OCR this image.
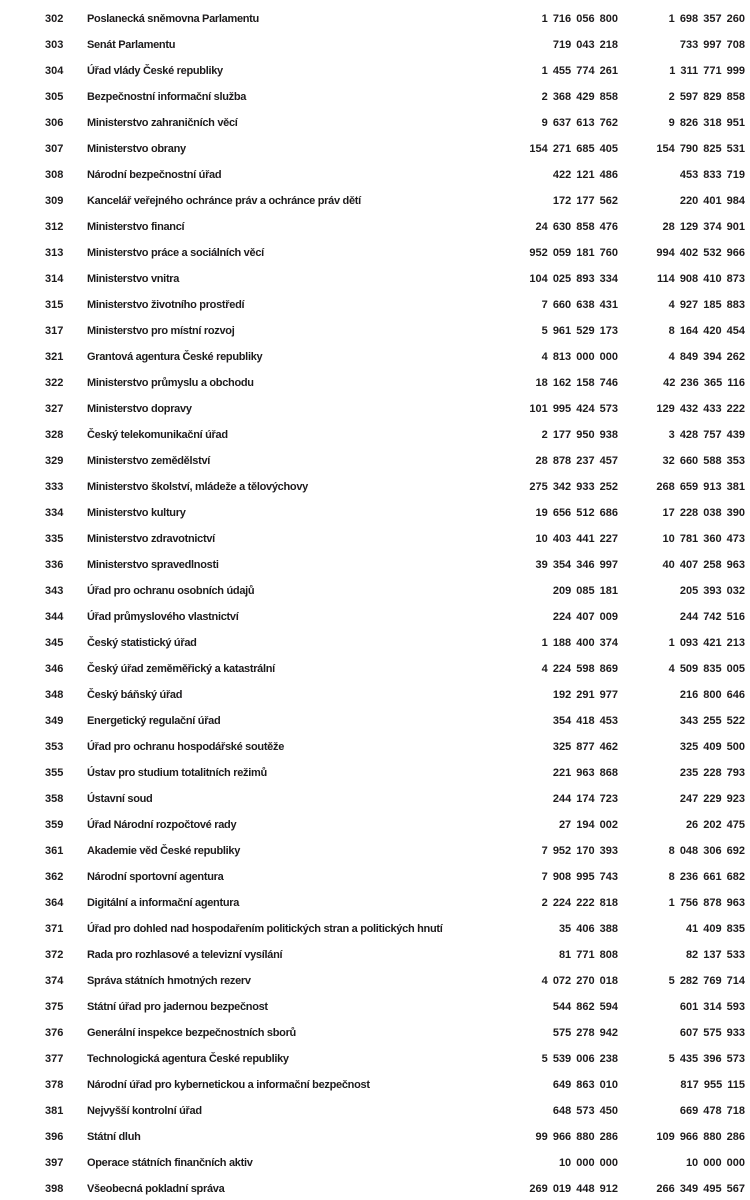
302	Poslanecká sněmovna Parlamentu	1 716 056 800	1 698 357 260
303	Senát Parlamentu	719 043 218	733 997 708
304	Úřad vlády České republiky	1 455 774 261	1 311 771 999
305	Bezpečnostní informační služba	2 368 429 858	2 597 829 858
306	Ministerstvo zahraničních věcí	9 637 613 762	9 826 318 951
307	Ministerstvo obrany	154 271 685 405	154 790 825 531
308	Národní bezpečnostní úřad	422 121 486	453 833 719
309	Kancelář veřejného ochránce práv a ochránce práv dětí	172 177 562	220 401 984
312	Ministerstvo financí	24 630 858 476	28 129 374 901
313	Ministerstvo práce a sociálních věcí	952 059 181 760	994 402 532 966
314	Ministerstvo vnitra	104 025 893 334	114 908 410 873
315	Ministerstvo životního prostředí	7 660 638 431	4 927 185 883
317	Ministerstvo pro místní rozvoj	5 961 529 173	8 164 420 454
321	Grantová agentura České republiky	4 813 000 000	4 849 394 262
322	Ministerstvo průmyslu a obchodu	18 162 158 746	42 236 365 116
327	Ministerstvo dopravy	101 995 424 573	129 432 433 222
328	Český telekomunikační úřad	2 177 950 938	3 428 757 439
329	Ministerstvo zemědělství	28 878 237 457	32 660 588 353
333	Ministerstvo školství, mládeže a tělovýchovy	275 342 933 252	268 659 913 381
334	Ministerstvo kultury	19 656 512 686	17 228 038 390
335	Ministerstvo zdravotnictví	10 403 441 227	10 781 360 473
336	Ministerstvo spravedlnosti	39 354 346 997	40 407 258 963
343	Úřad pro ochranu osobních údajů	209 085 181	205 393 032
344	Úřad průmyslového vlastnictví	224 407 009	244 742 516
345	Český statistický úřad	1 188 400 374	1 093 421 213
346	Český úřad zeměměřický a katastrální	4 224 598 869	4 509 835 005
348	Český báňský úřad	192 291 977	216 800 646
349	Energetický regulační úřad	354 418 453	343 255 522
353	Úřad pro ochranu hospodářské soutěže	325 877 462	325 409 500
355	Ústav pro studium totalitních režimů	221 963 868	235 228 793
358	Ústavní soud	244 174 723	247 229 923
359	Úřad Národní rozpočtové rady	27 194 002	26 202 475
361	Akademie věd České republiky	7 952 170 393	8 048 306 692
362	Národní sportovní agentura	7 908 995 743	8 236 661 682
364	Digitální a informační agentura	2 224 222 818	1 756 878 963
371	Úřad pro dohled nad hospodařením politických stran a politických hnutí	35 406 388	41 409 835
372	Rada pro rozhlasové a televizní vysílání	81 771 808	82 137 533
374	Správa státních hmotných rezerv	4 072 270 018	5 282 769 714
375	Státní úřad pro jadernou bezpečnost	544 862 594	601 314 593
376	Generální inspekce bezpečnostních sborů	575 278 942	607 575 933
377	Technologická agentura České republiky	5 539 006 238	5 435 396 573
378	Národní úřad pro kybernetickou a informační bezpečnost	649 863 010	817 955 115
381	Nejvyšší kontrolní úřad	648 573 450	669 478 718
396	Státní dluh	99 966 880 286	109 966 880 286
397	Operace státních finančních aktiv	10 000 000	10 000 000
398	Všeobecná pokladní správa	269 019 448 912	266 349 495 567
